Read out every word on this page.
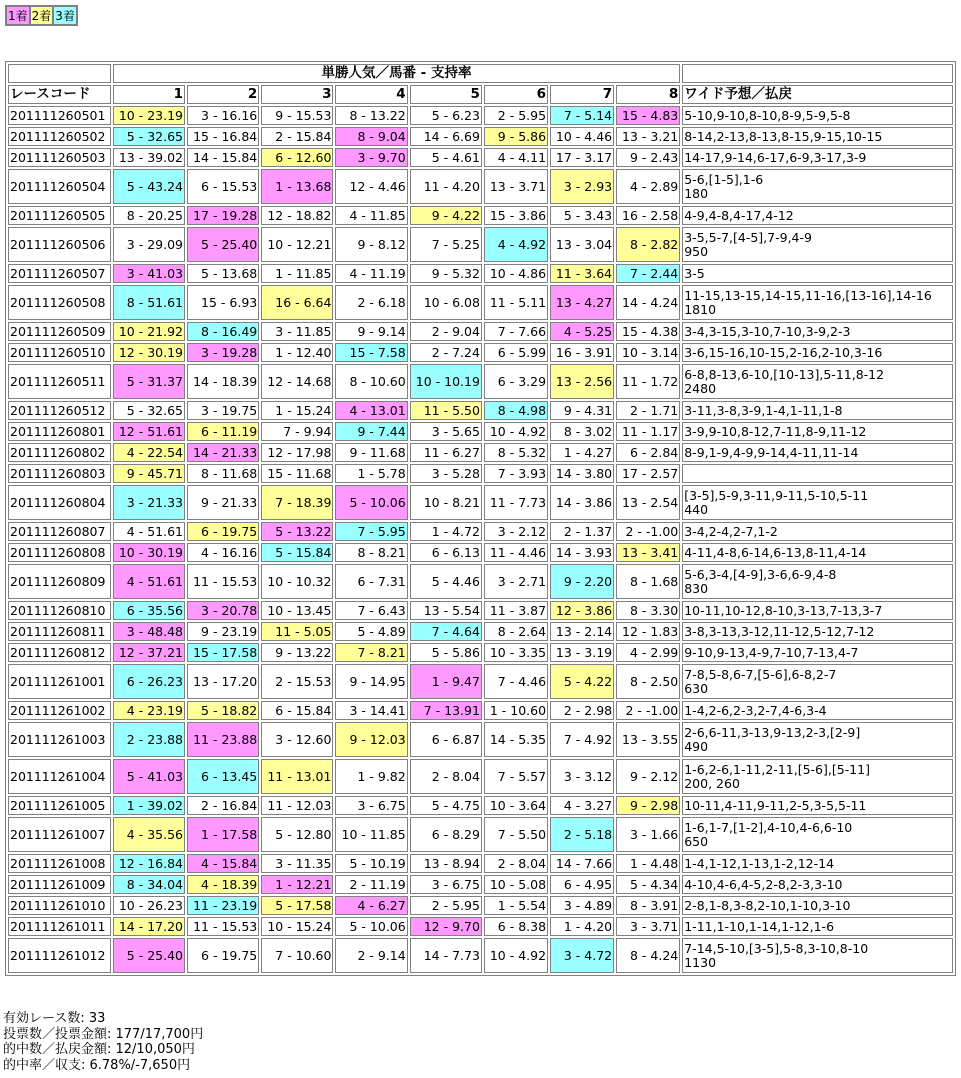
1着	2着	3着
	単勝人気／馬番 - 支持率								
レースコード	1	2	3	4	5	6	7	8	ワイド予想／払戻
201111260501	10 - 23.19	3 - 16.16	9 - 15.53	8 - 13.22	5 - 6.23	2 - 5.95	7 - 5.14	15 - 4.83	5-10,9-10,8-10,8-9,5-9,5-8

201111260502	5 - 32.65	15 - 16.84	2 - 15.84	8 - 9.04	14 - 6.69	9 - 5.86	10 - 4.46	13 - 3.21	8-14,2-13,8-13,8-15,9-15,10-15

201111260503	13 - 39.02	14 - 15.84	6 - 12.60	3 - 9.70	5 - 4.61	4 - 4.11	17 - 3.17	9 - 2.43	14-17,9-14,6-17,6-9,3-17,3-9

201111260504	5 - 43.24	6 - 15.53	1 - 13.68	12 - 4.46	11 - 4.20	13 - 3.71	3 - 2.93	4 - 2.89	5-6,[1-5],1-6
180

201111260505	8 - 20.25	17 - 19.28	12 - 18.82	4 - 11.85	9 - 4.22	15 - 3.86	5 - 3.43	16 - 2.58	4-9,4-8,4-17,4-12

201111260506	3 - 29.09	5 - 25.40	10 - 12.21	9 - 8.12	7 - 5.25	4 - 4.92	13 - 3.04	8 - 2.82	3-5,5-7,[4-5],7-9,4-9
950

201111260507	3 - 41.03	5 - 13.68	1 - 11.85	4 - 11.19	9 - 5.32	10 - 4.86	11 - 3.64	7 - 2.44	3-5

201111260508	8 - 51.61	15 - 6.93	16 - 6.64	2 - 6.18	10 - 6.08	11 - 5.11	13 - 4.27	14 - 4.24	11-15,13-15,14-15,11-16,[13-16],14-16
1810

201111260509	10 - 21.92	8 - 16.49	3 - 11.85	9 - 9.14	2 - 9.04	7 - 7.66	4 - 5.25	15 - 4.38	3-4,3-15,3-10,7-10,3-9,2-3

201111260510	12 - 30.19	3 - 19.28	1 - 12.40	15 - 7.58	2 - 7.24	6 - 5.99	16 - 3.91	10 - 3.14	3-6,15-16,10-15,2-16,2-10,3-16

201111260511	5 - 31.37	14 - 18.39	12 - 14.68	8 - 10.60	10 - 10.19	6 - 3.29	13 - 2.56	11 - 1.72	6-8,8-13,6-10,[10-13],5-11,8-12
2480

201111260512	5 - 32.65	3 - 19.75	1 - 15.24	4 - 13.01	11 - 5.50	8 - 4.98	9 - 4.31	2 - 1.71	3-11,3-8,3-9,1-4,1-11,1-8

201111260801	12 - 51.61	6 - 11.19	7 - 9.94	9 - 7.44	3 - 5.65	10 - 4.92	8 - 3.02	11 - 1.17	3-9,9-10,8-12,7-11,8-9,11-12

201111260802	4 - 22.54	14 - 21.33	12 - 17.98	9 - 11.68	11 - 6.27	8 - 5.32	1 - 4.27	6 - 2.84	8-9,1-9,4-9,9-14,4-11,11-14

201111260803	9 - 45.71	8 - 11.68	15 - 11.68	1 - 5.78	3 - 5.28	7 - 3.93	14 - 3.80	17 - 2.57	

201111260804	3 - 21.33	9 - 21.33	7 - 18.39	5 - 10.06	10 - 8.21	11 - 7.73	14 - 3.86	13 - 2.54	[3-5],5-9,3-11,9-11,5-10,5-11
440

201111260807	4 - 51.61	6 - 19.75	5 - 13.22	7 - 5.95	1 - 4.72	3 - 2.12	2 - 1.37	2 - -1.00	3-4,2-4,2-7,1-2

201111260808	10 - 30.19	4 - 16.16	5 - 15.84	8 - 8.21	6 - 6.13	11 - 4.46	14 - 3.93	13 - 3.41	4-11,4-8,6-14,6-13,8-11,4-14

201111260809	4 - 51.61	11 - 15.53	10 - 10.32	6 - 7.31	5 - 4.46	3 - 2.71	9 - 2.20	8 - 1.68	5-6,3-4,[4-9],3-6,6-9,4-8
830

201111260810	6 - 35.56	3 - 20.78	10 - 13.45	7 - 6.43	13 - 5.54	11 - 3.87	12 - 3.86	8 - 3.30	10-11,10-12,8-10,3-13,7-13,3-7

201111260811	3 - 48.48	9 - 23.19	11 - 5.05	5 - 4.89	7 - 4.64	8 - 2.64	13 - 2.14	12 - 1.83	3-8,3-13,3-12,11-12,5-12,7-12

201111260812	12 - 37.21	15 - 17.58	9 - 13.22	7 - 8.21	5 - 5.86	10 - 3.35	13 - 3.19	4 - 2.99	9-10,9-13,4-9,7-10,7-13,4-7

201111261001	6 - 26.23	13 - 17.20	2 - 15.53	9 - 14.95	1 - 9.47	7 - 4.46	5 - 4.22	8 - 2.50	7-8,5-8,6-7,[5-6],6-8,2-7
630

201111261002	4 - 23.19	5 - 18.82	6 - 15.84	3 - 14.41	7 - 13.91	1 - 10.60	2 - 2.98	2 - -1.00	1-4,2-6,2-3,2-7,4-6,3-4

201111261003	2 - 23.88	11 - 23.88	3 - 12.60	9 - 12.03	6 - 6.87	14 - 5.35	7 - 4.92	13 - 3.55	2-6,6-11,3-13,9-13,2-3,[2-9]
490

201111261004	5 - 41.03	6 - 13.45	11 - 13.01	1 - 9.82	2 - 8.04	7 - 5.57	3 - 3.12	9 - 2.12	1-6,2-6,1-11,2-11,[5-6],[5-11]
200, 260

201111261005	1 - 39.02	2 - 16.84	11 - 12.03	3 - 6.75	5 - 4.75	10 - 3.64	4 - 3.27	9 - 2.98	10-11,4-11,9-11,2-5,3-5,5-11

201111261007	4 - 35.56	1 - 17.58	5 - 12.80	10 - 11.85	6 - 8.29	7 - 5.50	2 - 5.18	3 - 1.66	1-6,1-7,[1-2],4-10,4-6,6-10
650

201111261008	12 - 16.84	4 - 15.84	3 - 11.35	5 - 10.19	13 - 8.94	2 - 8.04	14 - 7.66	1 - 4.48	1-4,1-12,1-13,1-2,12-14

201111261009	8 - 34.04	4 - 18.39	1 - 12.21	2 - 11.19	3 - 6.75	10 - 5.08	6 - 4.95	5 - 4.34	4-10,4-6,4-5,2-8,2-3,3-10

201111261010	10 - 26.23	11 - 23.19	5 - 17.58	4 - 6.27	2 - 5.95	1 - 5.54	3 - 4.89	8 - 3.91	2-8,1-8,3-8,2-10,1-10,3-10

201111261011	14 - 17.20	11 - 15.53	10 - 15.24	5 - 10.06	12 - 9.70	6 - 8.38	1 - 4.20	3 - 3.71	1-11,1-10,1-14,1-12,1-6

201111261012	5 - 25.40	6 - 19.75	7 - 10.60	2 - 9.14	14 - 7.73	10 - 4.92	3 - 4.72	8 - 4.24	7-14,5-10,[3-5],5-8,3-10,8-10
1130
有効レース数: 33
投票数／投票金額: 177/17,700円
的中数／払戻金額: 12/10,050円
的中率／収支: 6.78%/-7,650円
